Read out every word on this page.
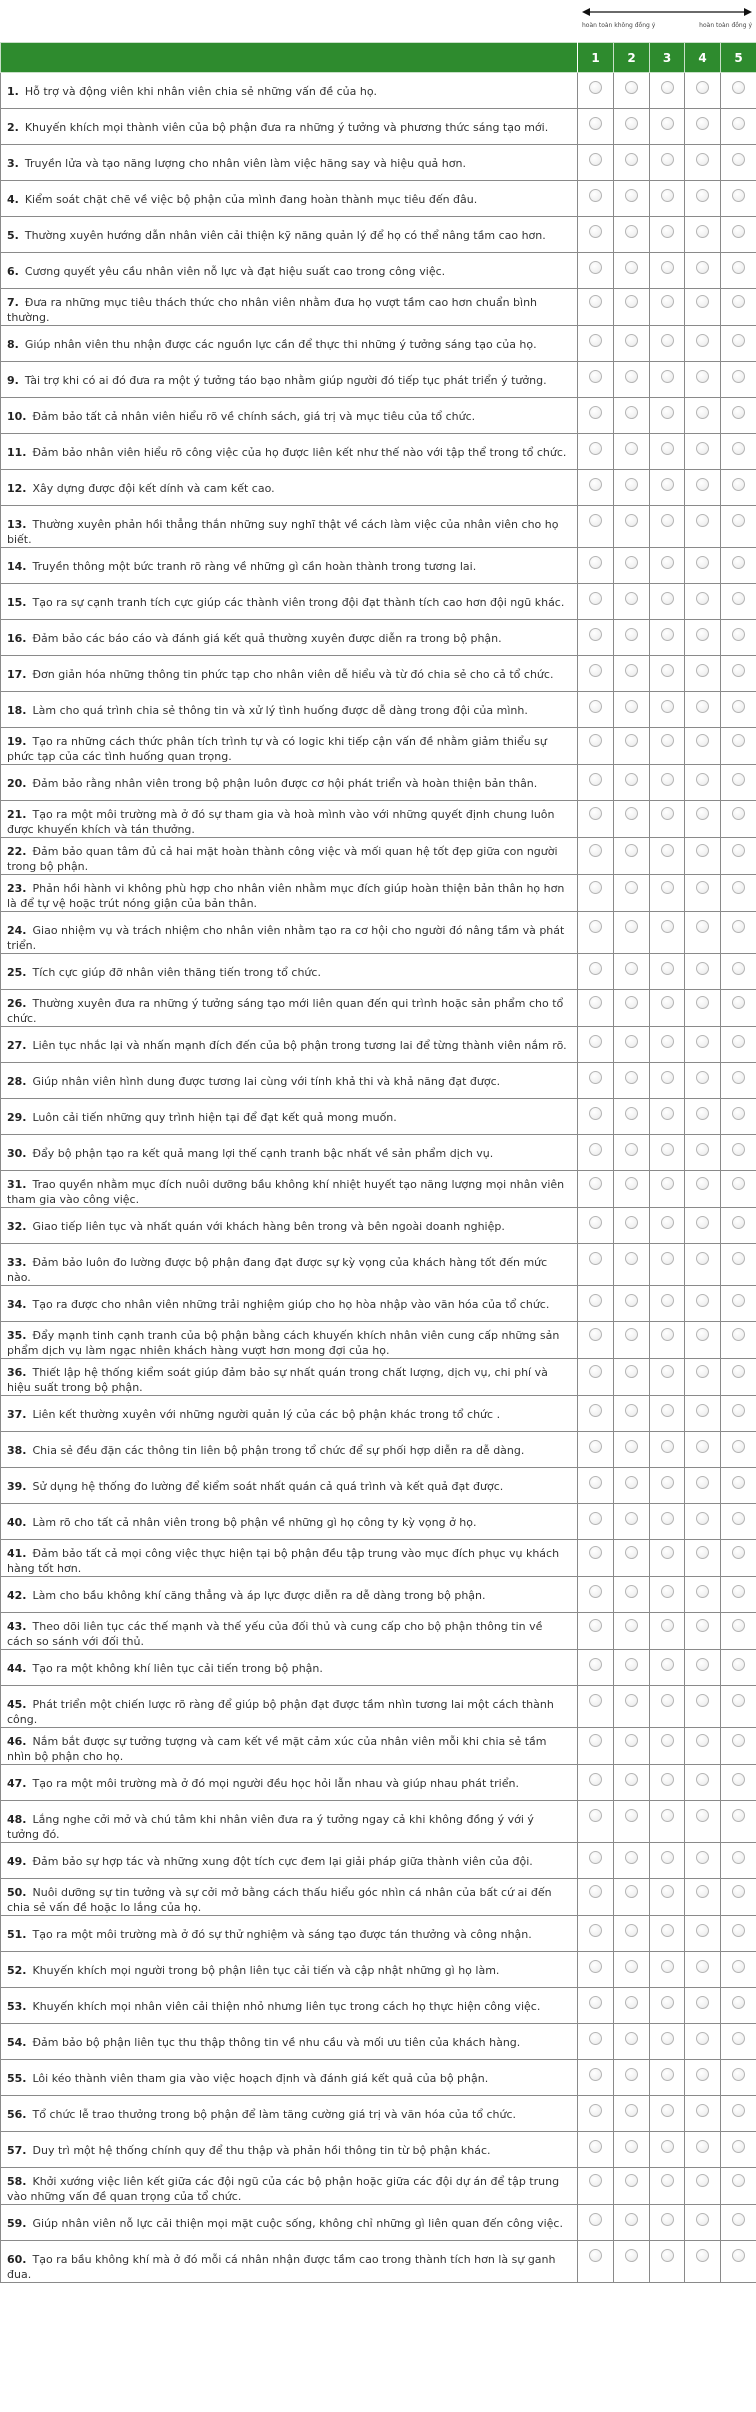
hoàn toàn không đồng ý	hoàn toàn đồng ý
	1	2	3	4	5
1. Hỗ trợ và động viên khi nhân viên chia sẻ những vấn đề của họ.					
2. Khuyến khích mọi thành viên của bộ phận đưa ra những ý tưởng và phương thức sáng tạo mới.					
3. Truyền lửa và tạo năng lượng cho nhân viên làm việc hăng say và hiệu quả hơn.					
4. Kiểm soát chặt chẽ về việc bộ phận của mình đang hoàn thành mục tiêu đến đâu.					
5. Thường xuyên hướng dẫn nhân viên cải thiện kỹ năng quản lý để họ có thể nâng tầm cao hơn.					
6. Cương quyết yêu cầu nhân viên nỗ lực và đạt hiệu suất cao trong công việc.					
7. Đưa ra những mục tiêu thách thức cho nhân viên nhằm đưa họ vượt tầm cao hơn chuẩn bình thường.					
8. Giúp nhân viên thu nhận được các nguồn lực cần để thực thi những ý tưởng sáng tạo của họ.					
9. Tài trợ khi có ai đó đưa ra một ý tưởng táo bạo nhằm giúp người đó tiếp tục phát triển ý tưởng.					
10. Đảm bảo tất cả nhân viên hiểu rõ về chính sách, giá trị và mục tiêu của tổ chức.					
11. Đảm bảo nhân viên hiểu rõ công việc của họ được liên kết như thế nào với tập thể trong tổ chức.					
12. Xây dựng được đội kết dính và cam kết cao.					
13. Thường xuyên phản hồi thẳng thắn những suy nghĩ thật về cách làm việc của nhân viên cho họ biết.					
14. Truyền thông một bức tranh rõ ràng về những gì cần hoàn thành trong tương lai.					
15. Tạo ra sự cạnh tranh tích cực giúp các thành viên trong đội đạt thành tích cao hơn đội ngũ khác.					
16. Đảm bảo các báo cáo và đánh giá kết quả thường xuyên được diễn ra trong bộ phận.					
17. Đơn giản hóa những thông tin phức tạp cho nhân viên dễ hiểu và từ đó chia sẻ cho cả tổ chức.					
18. Làm cho quá trình chia sẻ thông tin và xử lý tình huống được dễ dàng trong đội của mình.					
19. Tạo ra những cách thức phân tích trình tự và có logic khi tiếp cận vấn đề nhằm giảm thiểu sự phức tạp của các tình huống quan trọng.					
20. Đảm bảo rằng nhân viên trong bộ phận luôn được cơ hội phát triển và hoàn thiện bản thân.					
21. Tạo ra một môi trường mà ở đó sự tham gia và hoà mình vào với những quyết định chung luôn được khuyến khích và tán thưởng.					
22. Đảm bảo quan tâm đủ cả hai mặt hoàn thành công việc và mối quan hệ tốt đẹp giữa con người trong bộ phận.					
23. Phản hồi hành vi không phù hợp cho nhân viên nhằm mục đích giúp hoàn thiện bản thân họ hơn là để tự vệ hoặc trút nóng giận của bản thân.					
24. Giao nhiệm vụ và trách nhiệm cho nhân viên nhằm tạo ra cơ hội cho người đó nâng tầm và phát triển.					
25. Tích cực giúp đỡ nhân viên thăng tiến trong tổ chức.					
26. Thường xuyên đưa ra những ý tưởng sáng tạo mới liên quan đến qui trình hoặc sản phẩm cho tổ chức.					
27. Liên tục nhắc lại và nhấn mạnh đích đến của bộ phận trong tương lai để từng thành viên nắm rõ.					
28. Giúp nhân viên hình dung được tương lai cùng với tính khả thi và khả năng đạt được.					
29. Luôn cải tiến những quy trình hiện tại để đạt kết quả mong muốn.					
30. Đẩy bộ phận tạo ra kết quả mang lợi thế cạnh tranh bậc nhất về sản phẩm dịch vụ.					
31. Trao quyền nhằm mục đích nuôi dưỡng bầu không khí nhiệt huyết tạo năng lượng mọi nhân viên tham gia vào công việc.					
32. Giao tiếp liên tục và nhất quán với khách hàng bên trong và bên ngoài doanh nghiệp.					
33. Đảm bảo luôn đo lường được bộ phận đang đạt được sự kỳ vọng của khách hàng tốt đến mức nào.					
34. Tạo ra được cho nhân viên những trải nghiệm giúp cho họ hòa nhập vào văn hóa của tổ chức.					
35. Đẩy mạnh tinh cạnh tranh của bộ phận bằng cách khuyến khích nhân viên cung cấp những sản phẩm dịch vụ làm ngạc nhiên khách hàng vượt hơn mong đợi của họ.					
36. Thiết lập hệ thống kiểm soát giúp đảm bảo sự nhất quán trong chất lượng, dịch vụ, chi phí và hiệu suất trong bộ phận.					
37. Liên kết thường xuyên với những người quản lý của các bộ phận khác trong tổ chức .					
38. Chia sẻ đều đặn các thông tin liên bộ phận trong tổ chức để sự phối hợp diễn ra dễ dàng.					
39. Sử dụng hệ thống đo lường để kiểm soát nhất quán cả quá trình và kết quả đạt được.					
40. Làm rõ cho tất cả nhân viên trong bộ phận về những gì họ công ty kỳ vọng ở họ.					
41. Đảm bảo tất cả mọi công việc thực hiện tại bộ phận đều tập trung vào mục đích phục vụ khách hàng tốt hơn.					
42. Làm cho bầu không khí căng thẳng và áp lực được diễn ra dễ dàng trong bộ phận.					
43. Theo dõi liên tục các thế mạnh và thế yếu của đối thủ và cung cấp cho bộ phận thông tin về cách so sánh với đối thủ.					
44. Tạo ra một không khí liên tục cải tiến trong bộ phận.					
45. Phát triển một chiến lược rõ ràng để giúp bộ phận đạt được tầm nhìn tương lai một cách thành công.					
46. Nắm bắt được sự tưởng tượng và cam kết về mặt cảm xúc của nhân viên mỗi khi chia sẻ tầm nhìn bộ phận cho họ.					
47. Tạo ra một môi trường mà ở đó mọi người đều học hỏi lẫn nhau và giúp nhau phát triển.					
48. Lắng nghe cởi mở và chú tâm khi nhân viên đưa ra ý tưởng ngay cả khi không đồng ý với ý tưởng đó.					
49. Đảm bảo sự hợp tác và những xung đột tích cực đem lại giải pháp giữa thành viên của đội.					
50. Nuôi dưỡng sự tin tưởng và sự cởi mở bằng cách thấu hiểu góc nhìn cá nhân của bất cứ ai đến chia sẻ vấn đề hoặc lo lắng của họ.					
51. Tạo ra một môi trường mà ở đó sự thử nghiệm và sáng tạo được tán thưởng và công nhận.					
52. Khuyến khích mọi người trong bộ phận liên tục cải tiến và cập nhật những gì họ làm.					
53. Khuyến khích mọi nhân viên cải thiện nhỏ nhưng liên tục trong cách họ thực hiện công việc.					
54. Đảm bảo bộ phận liên tục thu thập thông tin về nhu cầu và mối ưu tiên của khách hàng.					
55. Lôi kéo thành viên tham gia vào việc hoạch định và đánh giá kết quả của bộ phận.					
56. Tổ chức lễ trao thưởng trong bộ phận để làm tăng cường giá trị và văn hóa của tổ chức.					
57. Duy trì một hệ thống chính quy để thu thập và phản hồi thông tin từ bộ phận khác.					
58. Khởi xướng việc liên kết giữa các đội ngũ của các bộ phận hoặc giữa các đội dự án để tập trung vào những vấn đề quan trọng của tổ chức.					
59. Giúp nhân viên nỗ lực cải thiện mọi mặt cuộc sống, không chỉ những gì liên quan đến công việc.					
60. Tạo ra bầu không khí mà ở đó mỗi cá nhân nhận được tầm cao trong thành tích hơn là sự ganh đua.					
